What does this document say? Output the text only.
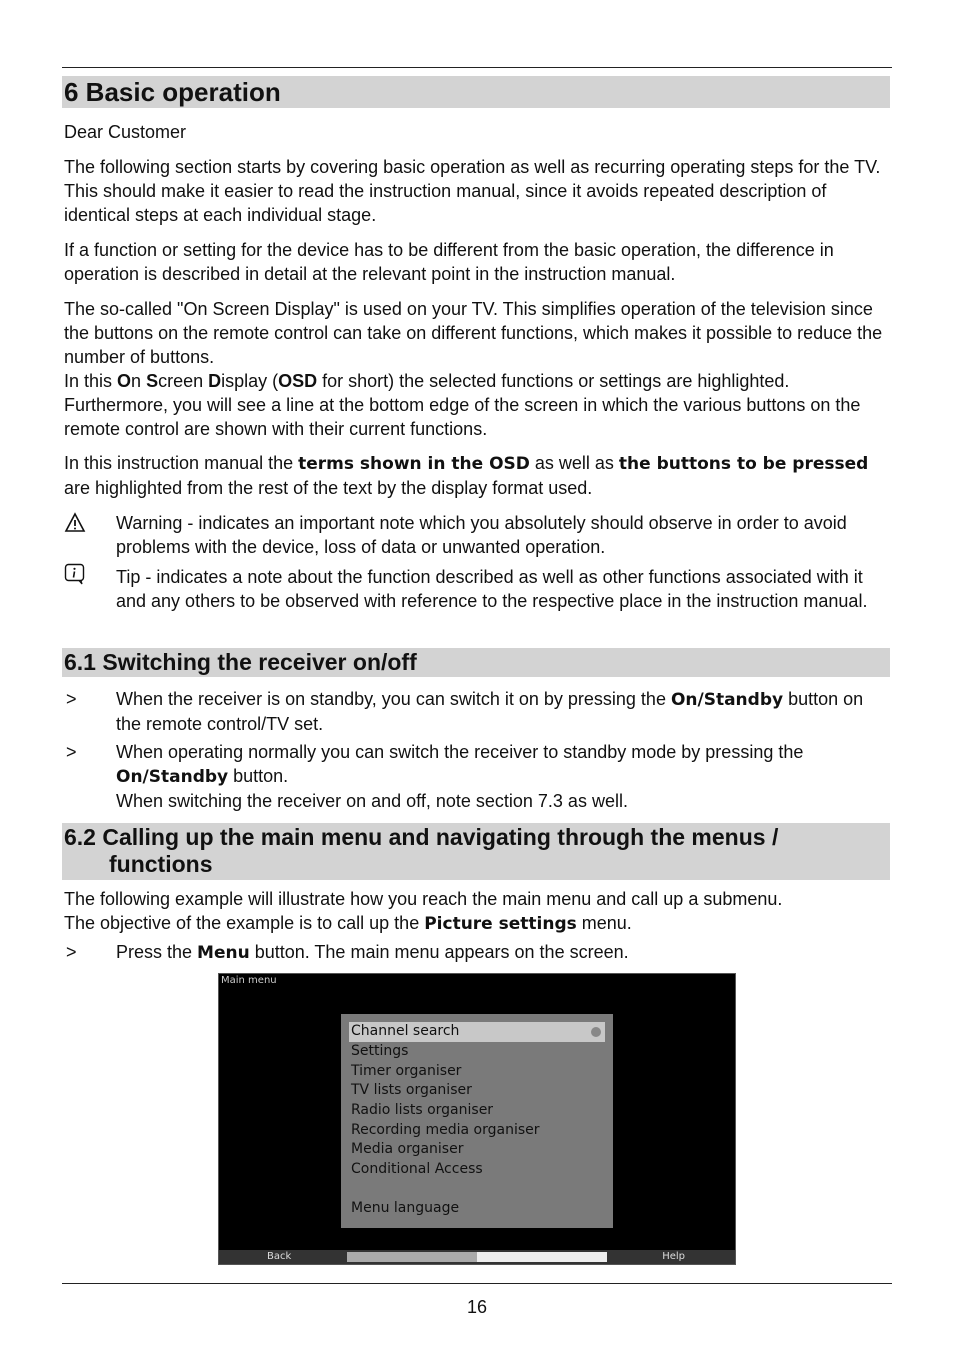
6 Basic operation
Dear Customer
The following section starts by covering basic operation as well as recurring operating steps for the TV. This should make it easier to read the instruction manual, since it avoids repeated description of identical steps at each individual stage.
If a function or setting for the device has to be different from the basic operation, the difference in operation is described in detail at the relevant point in the instruction manual.
The so-called "On Screen Display" is used on your TV. This simplifies operation of the television since the buttons on the remote control can take on different functions, which makes it possible to reduce the number of buttons.
In this On Screen Display (OSD for short) the selected functions or settings are highlighted. Furthermore, you will see a line at the bottom edge of the screen in which the various buttons on the remote control are shown with their current functions.
In this instruction manual the terms shown in the OSD as well as the buttons to be pressed are highlighted from the rest of the text by the display format used.
Warning - indicates an important note which you absolutely should observe in order to avoid problems with the device, loss of data or unwanted operation.
Tip - indicates a note about the function described as well as other functions associated with it and any others to be observed with reference to the respective place in the instruction manual.
6.1 Switching the receiver on/off
> When the receiver is on standby, you can switch it on by pressing the On/Standby button on the remote control/TV set.
> When operating normally you can switch the receiver to standby mode by pressing the On/Standby button.
When switching the receiver on and off, note section 7.3 as well.
6.2 Calling up the main menu and navigating through the menus /
functions
The following example will illustrate how you reach the main menu and call up a submenu.
The objective of the example is to call up the Picture settings menu.
> Press the Menu button. The main menu appears on the screen.
Main menu
Channel search
Settings
Timer organiser
TV lists organiser
Radio lists organiser
Recording media organiser
Media organiser
Conditional Access
Menu language
Back	Help
16
